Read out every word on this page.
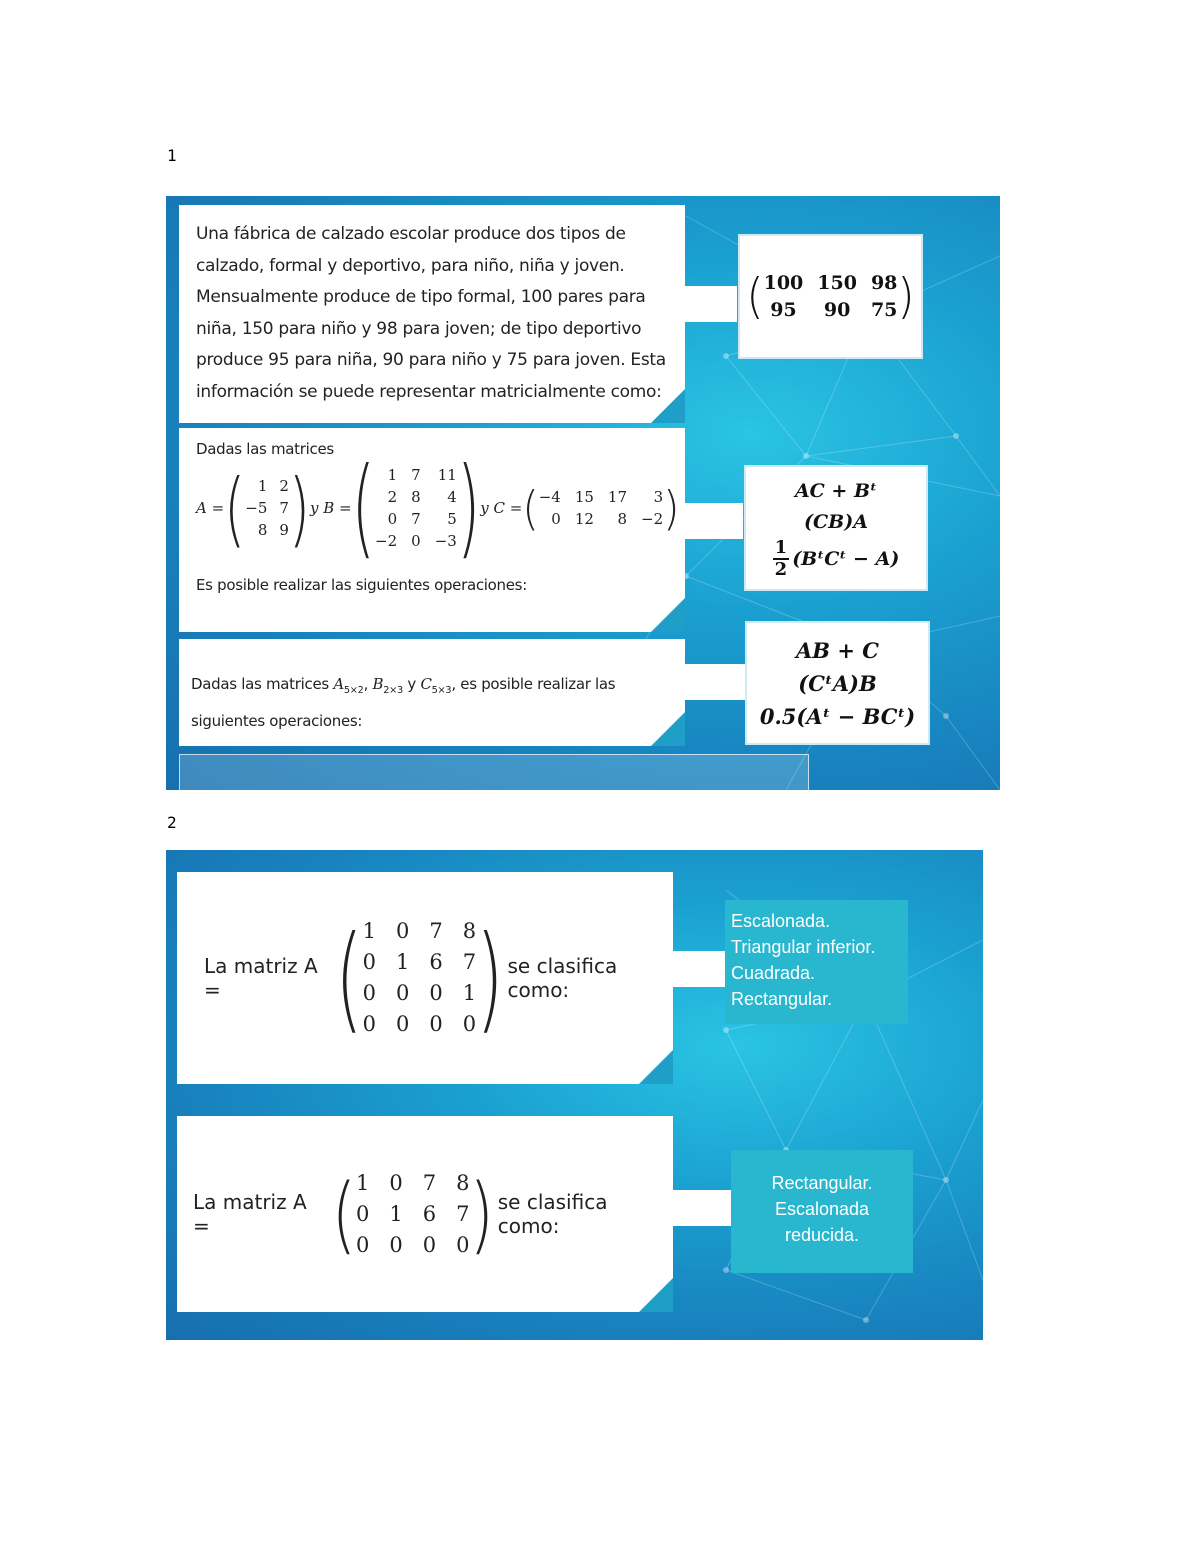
1
Una fábrica de calzado escolar produce dos tipos de calzado, formal y deportivo, para niño, niña y joven. Mensualmente produce de tipo formal, 100 pares para niña, 150 para niño y 98 para joven; de tipo deportivo produce 95 para niña, 90 para niño y 75 para joven. Esta información se puede representar matricialmente como:
( 100 150 98
95	90	75 )
Dadas las matrices
A = ( 1 2
−5 7
8 9 ) y B = ( 1 7 11
2 8	4
0 7	5
−2 0 −3 ) y C = ( −4 15 17	3
0 12	8 −2 )
Es posible realizar las siguientes operaciones:
AC + Bᵗ
(CB)A
$\frac{1}{2}$ (BᵗCᵗ − A)
Dadas las matrices $A_{5\times 2}$, $B_{2\times 3}$ y $C_{5\times 3}$, es posible realizar las siguientes operaciones:
AB + C
(CᵗA)B
0.5(Aᵗ − BCᵗ)
2
La matriz A =	( 1 0 7 8
0 1 6 7
0 0 0 1
0 0 0 0 ) se clasifica como:
Escalonada.
Triangular inferior.
Cuadrada.
Rectangular.
La matriz A =	( 1 0 7 8
0 1 6 7
0 0 0 0 ) se clasifica como:
Rectangular.
Escalonada
reducida.
